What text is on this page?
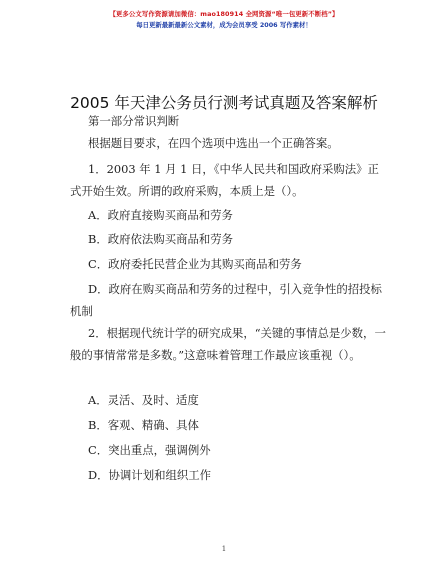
【更多公文写作资源请加微信：mao180914 全网资源“唯一包更新不断档”】
每日更新最新最新公文素材，成为会员享受 2006 写作素材！
2005 年天津公务员行测考试真题及答案解析
第一部分常识判断
根据题目要求，在四个选项中选出一个正确答案。
1．2003 年 1 月 1 日，《中华人民共和国政府采购法》正式开始生效。所谓的政府采购，本质上是（）。
A．政府直接购买商品和劳务
B．政府依法购买商品和劳务
C．政府委托民营企业为其购买商品和劳务
D．政府在购买商品和劳务的过程中，引入竞争性的招投标机制
2．根据现代统计学的研究成果，“关键的事情总是少数，一般的事情常常是多数。”这意味着管理工作最应该重视（）。
A．灵活、及时、适度
B．客观、精确、具体
C．突出重点，强调例外
D．协调计划和组织工作
1
